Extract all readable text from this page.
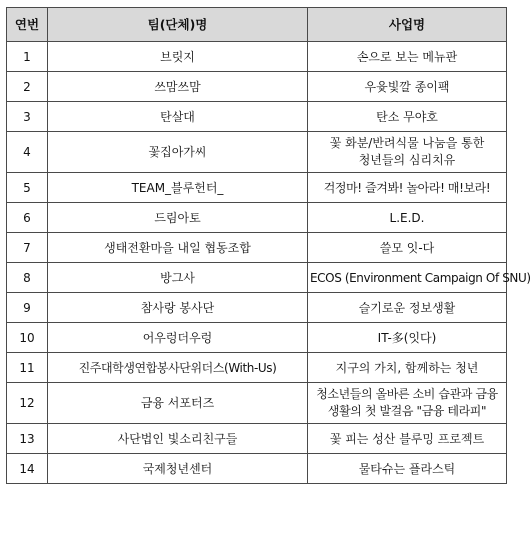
연번	팀(단체)명	사업명
1	브릿지	손으로 보는 메뉴판
2	쓰맘쓰맘	우윳빛깔 종이팩
3	탄살대	탄소 무야호
4	꽃집아가씨	꽃 화분/반려식물 나눔을 통한
청년들의 심리치유

5	TEAM_블루헌터_	걱정마! 즐겨봐! 놀아라! 매!보라!
6	드림아토	L.E.D.
7	생태전환마을 내일 협동조합	쓸모 잇-다
8	방그사	ECOS (Environment Campaign Of SNU)
9	참사랑 봉사단	슬기로운 정보생활
10	어우렁더우렁	IT-多(잇다)
11	진주대학생연합봉사단위더스(With-Us)	지구의 가치, 함께하는 청년
12	금융 서포터즈	청소년들의 올바른 소비 습관과 금융
생활의 첫 발걸음 "금융 테라피"

13	사단법인 빛소리친구들	꽃 피는 성산 블루밍 프로젝트
14	국제청년센터	물타슈는 플라스틱
